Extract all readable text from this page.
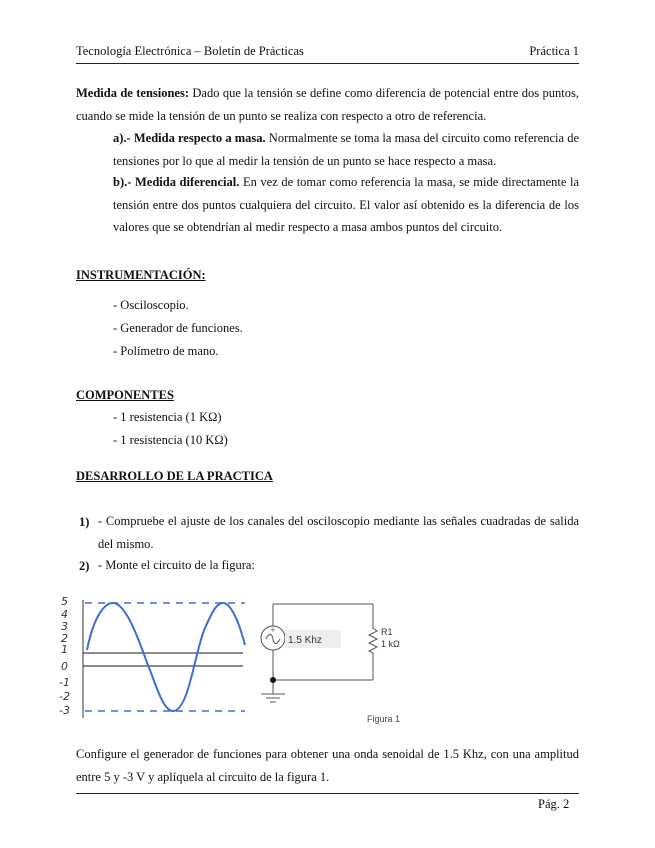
Tecnología Electrónica – Boletín de Prácticas	Práctica 1
Medida de tensiones: Dado que la tensión se define como diferencia de potencial entre dos puntos, cuando se mide la tensión de un punto se realiza con respecto a otro de referencia.
a).- Medida respecto a masa. Normalmente se toma la masa del circuito como referencia de tensiones por lo que al medir la tensión de un punto se hace respecto a masa.
b).- Medida diferencial. En vez de tomar como referencia la masa, se mide directamente la tensión entre dos puntos cualquiera del circuito. El valor así obtenido es la diferencia de los valores que se obtendrían al medir respecto a masa ambos puntos del circuito.
INSTRUMENTACIÓN:
- Osciloscopio.
- Generador de funciones.
- Polímetro de mano.
COMPONENTES
- 1 resistencia (1 KΩ)
- 1 resistencia (10 KΩ)
DESARROLLO DE LA PRACTICA
1) - Compruebe el ajuste de los canales del osciloscopio mediante las señales cuadradas de salida del mismo.
2) - Monte el circuito de la figura:
5
4
3
2
1
0
-1
-2
-3
+
1.5 Khz
R1
1 kΩ
Figura 1
Configure el generador de funciones para obtener una onda senoidal de 1.5 Khz, con una amplitud entre 5 y -3 V y aplíquela al circuito de la figura 1.
Pág. 2
